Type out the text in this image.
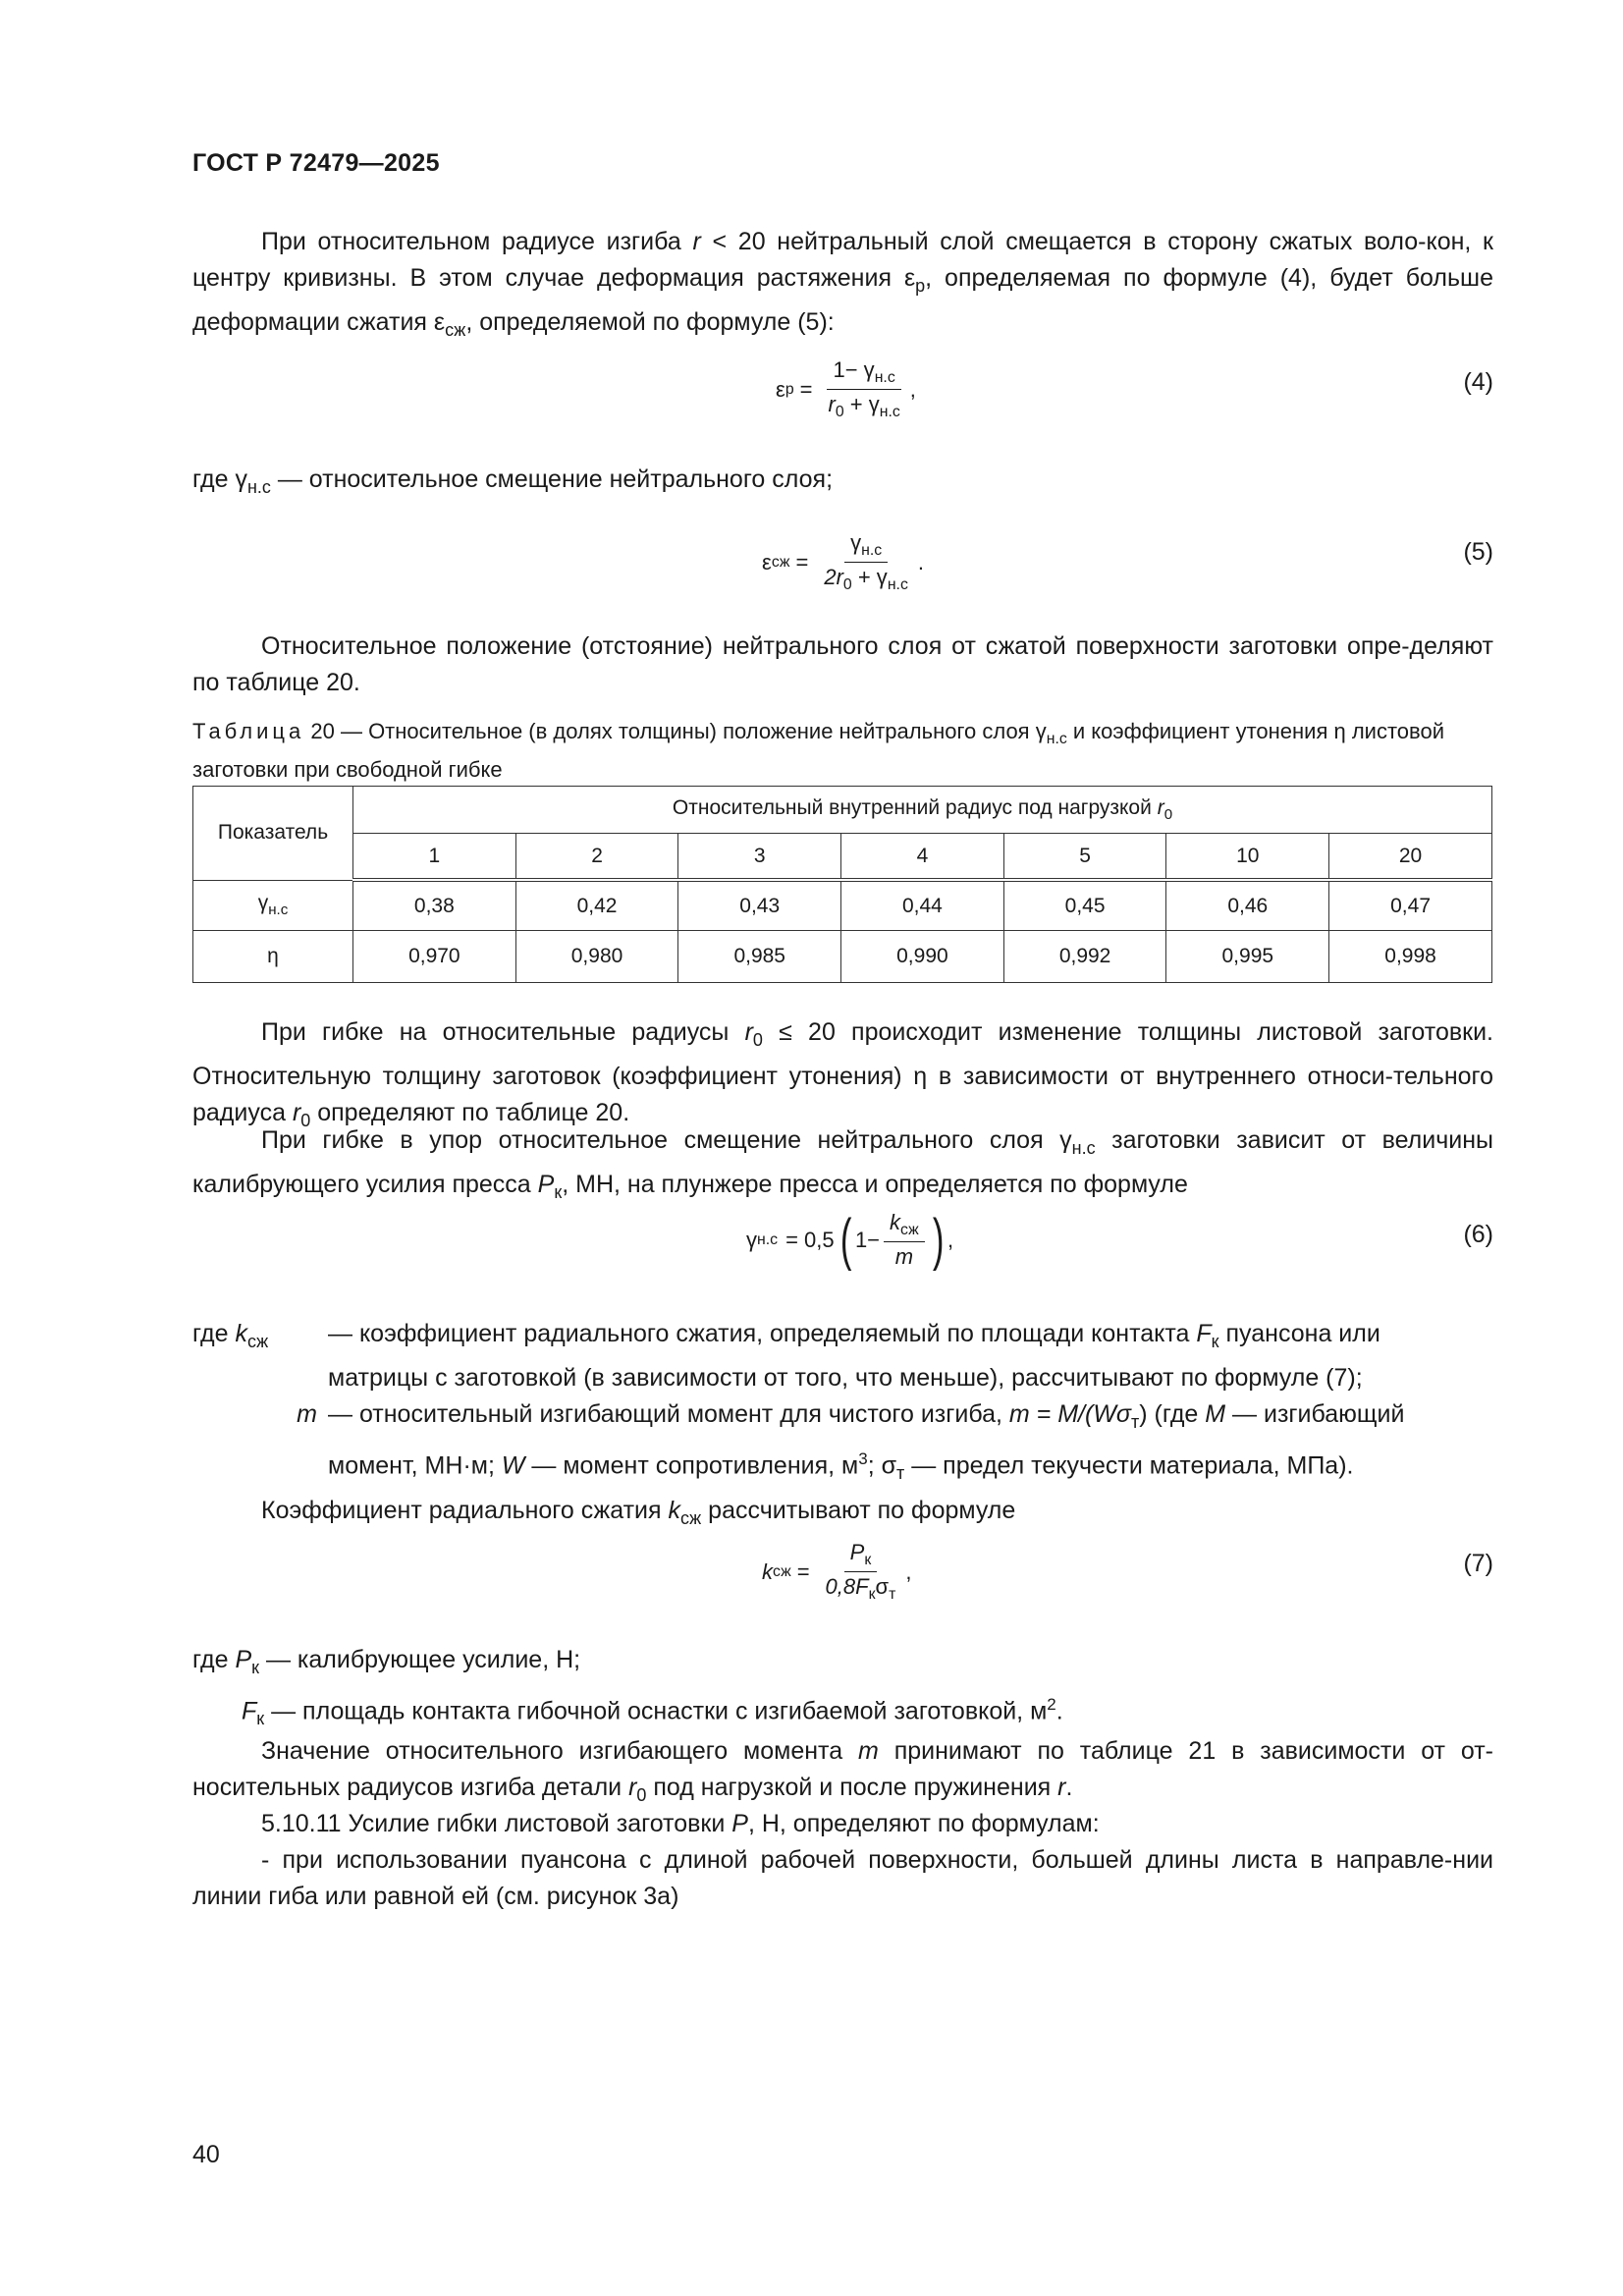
ГОСТ Р 72479—2025
При относительном радиусе изгиба r < 20 нейтральный слой смещается в сторону сжатых воло-кон, к центру кривизны. В этом случае деформация растяжения $\varepsilon_р$, определяемая по формуле (4), будет больше деформации сжатия $\varepsilon_{сж}$, определяемой по формуле (5):
ε $р = \frac{1- \gamma_{н.с}}{r_0 + \gamma_{н.с}}$ ,	(4)
где $\gamma_{н.с}$ — относительное смещение нейтрального слоя;
ε сж = $\frac{\gamma_{н.с}}{2r_0 + \gamma_{н.с}}$ .	(5)
Относительное положение (отстояние) нейтрального слоя от сжатой поверхности заготовки опре-деляют по таблице 20.
Таблица 20 — Относительное (в долях толщины) положение нейтрального слоя $\gamma_{н.с}$ и коэффициент утонения η листовой заготовки при свободной гибке
Показатель	Относительный внутренний радиус под нагрузкой $r_0$
	1	2	3	4	5	10	20
$\gamma_{н.с}$	0,38	0,42	0,43	0,44	0,45	0,46	0,47
η	0,970	0,980	0,985	0,990	0,992	0,995	0,998
При гибке на относительные радиусы $r_0 \le 20$ происходит изменение толщины листовой заготовки. Относительную толщину заготовок (коэффициент утонения) η в зависимости от внутреннего относи-тельного радиуса $r_0$ определяют по таблице 20.
При гибке в упор относительное смещение нейтрального слоя $\gamma_{н.с}$ заготовки зависит от величины калибрующего усилия пресса $P_к$, МН, на плунжере пресса и определяется по формуле
γ н.с = 0,5 ( $1- \frac{k_{сж}}{m}$ ) ,	(6)
где $k_{сж}$	— коэффициент радиального сжатия, определяемый по площади контакта $F_к$ пуансона или
матрицы с заготовкой (в зависимости от того, что меньше), рассчитывают по формуле (7);
m — относительный изгибающий момент для чистого изгиба, $m = M/(W\sigma_т)$ (где M — изгибающий
момент, МН·м; W — момент сопротивления, $м^3$; $\sigma_т$ — предел текучести материала, МПа).
Коэффициент радиального сжатия $k_{сж}$ рассчитывают по формуле
k сж = $\frac{P_к}{0,8F_к\sigma_т}$ ,	(7)
где $P_к$ — калибрующее усилие, Н;
$F_к$ — площадь контакта гибочной оснастки с изгибаемой заготовкой, $м^2$.
Значение относительного изгибающего момента m принимают по таблице 21 в зависимости от от-носительных радиусов изгиба детали $r_0$ под нагрузкой и после пружинения r.
5.10.11 Усилие гибки листовой заготовки P, Н, определяют по формулам:
- при использовании пуансона с длиной рабочей поверхности, большей длины листа в направле-нии линии гиба или равной ей (см. рисунок 3а)
40
